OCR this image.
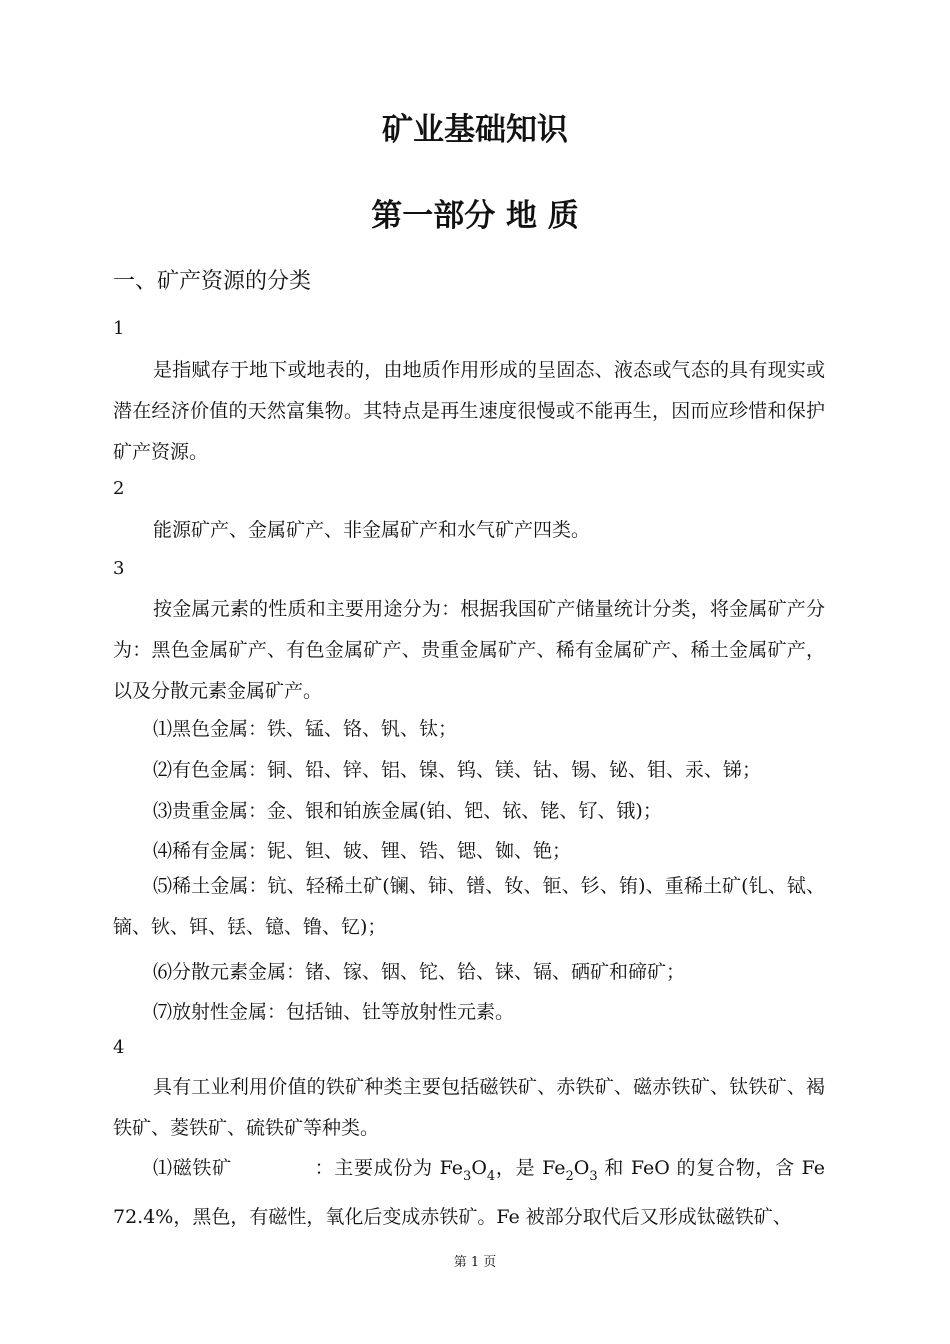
矿业基础知识
第一部分 地 质
一、矿产资源的分类
1

是指赋存于地下或地表的，由地质作用形成的呈固态、液态或气态的具有现实或潜在经济价值的天然富集物。其特点是再生速度很慢或不能再生，因而应珍惜和保护矿产资源。

2

能源矿产、金属矿产、非金属矿产和水气矿产四类。

3

按金属元素的性质和主要用途分为：根据我国矿产储量统计分类，将金属矿产分为：黑色金属矿产、有色金属矿产、贵重金属矿产、稀有金属矿产、稀土金属矿产，以及分散元素金属矿产。

⑴黑色金属：铁、锰、铬、钒、钛；
⑵有色金属：铜、铅、锌、铝、镍、钨、镁、钴、锡、铋、钼、汞、锑；
⑶贵重金属：金、银和铂族金属(铂、钯、铱、铑、钌、锇)；
⑷稀有金属：铌、钽、铍、锂、锆、锶、铷、铯；
⑸稀土金属：钪、轻稀土矿(镧、铈、镨、钕、钷、钐、铕)、重稀土矿(钆、铽、镝、钬、铒、铥、镱、镥、钇)；
⑹分散元素金属：锗、镓、铟、铊、铪、铼、镉、硒矿和碲矿；
⑺放射性金属：包括铀、钍等放射性元素。
4

具有工业利用价值的铁矿种类主要包括磁铁矿、赤铁矿、磁赤铁矿、钛铁矿、褐铁矿、菱铁矿、硫铁矿等种类。

⑴磁铁矿	：主要成份为 $Fe_3O_4$，是 $Fe_2O_3$ 和 FeO 的复合物，含 Fe 72.4%，黑色，有磁性，氧化后变成赤铁矿。Fe 被部分取代后又形成钛磁铁矿、

第 1 页
